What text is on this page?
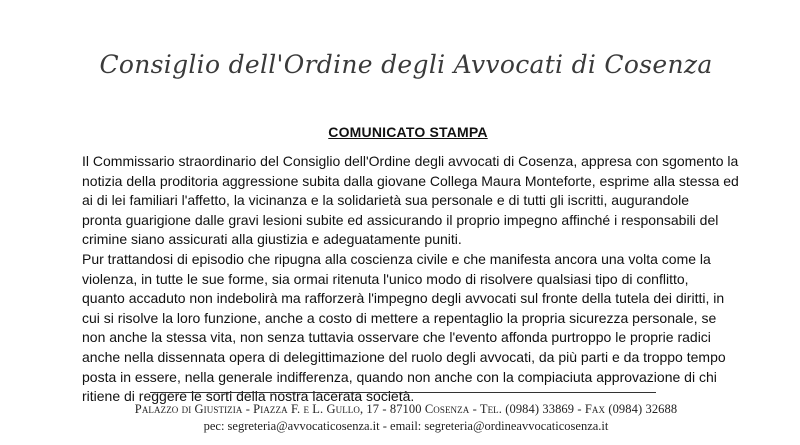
Consiglio dell'Ordine degli Avvocati di Cosenza
COMUNICATO STAMPA
Il Commissario straordinario del Consiglio dell'Ordine degli avvocati di Cosenza, appresa con sgomento la
notizia della proditoria aggressione subita dalla giovane Collega Maura Monteforte, esprime alla stessa ed
ai di lei familiari l'affetto, la vicinanza e la solidarietà sua personale e di tutti gli iscritti, augurandole
pronta guarigione dalle gravi lesioni subite ed assicurando il proprio impegno affinché i responsabili del
crimine siano assicurati alla giustizia e adeguatamente puniti.
Pur trattandosi di episodio che ripugna alla coscienza civile e che manifesta ancora una volta come la
violenza, in tutte le sue forme, sia ormai ritenuta l'unico modo di risolvere qualsiasi tipo di conflitto,
quanto accaduto non indebolirà ma rafforzerà l'impegno degli avvocati sul fronte della tutela dei diritti, in
cui si risolve la loro funzione, anche a costo di mettere a repentaglio la propria sicurezza personale, se
non anche la stessa vita, non senza tuttavia osservare che l'evento affonda purtroppo le proprie radici
anche nella dissennata opera di delegittimazione del ruolo degli avvocati, da più parti e da troppo tempo
posta in essere, nella generale indifferenza, quando non anche con la compiaciuta approvazione di chi
ritiene di reggere le sorti della nostra lacerata società.
Palazzo di Giustizia - Piazza F. e L. Gullo, 17 - 87100 Cosenza - Tel. (0984) 33869 - Fax (0984) 32688
pec: segreteria@avvocaticosenza.it - email: segreteria@ordineavvocaticosenza.it
